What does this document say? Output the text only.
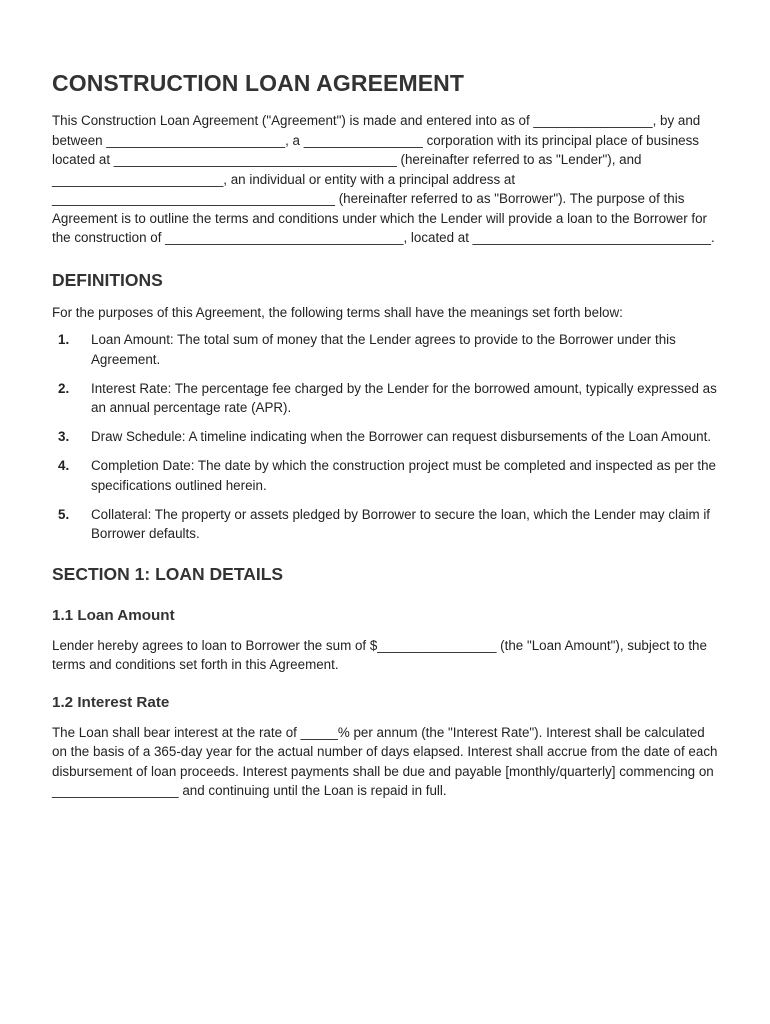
CONSTRUCTION LOAN AGREEMENT

This Construction Loan Agreement ("Agreement") is made and entered into as of ________________, by and between ________________________, a ________________ corporation with its principal place of business located at ______________________________________ (hereinafter referred to as "Lender"), and _______________________, an individual or entity with a principal address at ______________________________________ (hereinafter referred to as "Borrower"). The purpose of this Agreement is to outline the terms and conditions under which the Lender will provide a loan to the Borrower for the construction of ________________________________, located at ________________________________.

DEFINITIONS

For the purposes of this Agreement, the following terms shall have the meanings set forth below:

1.	Loan Amount: The total sum of money that the Lender agrees to provide to the Borrower under this Agreement.
2.	Interest Rate: The percentage fee charged by the Lender for the borrowed amount, typically expressed as an annual percentage rate (APR).
3.	Draw Schedule: A timeline indicating when the Borrower can request disbursements of the Loan Amount.
4.	Completion Date: The date by which the construction project must be completed and inspected as per the specifications outlined herein.
5.	Collateral: The property or assets pledged by Borrower to secure the loan, which the Lender may claim if Borrower defaults.
SECTION 1: LOAN DETAILS
1.1 Loan Amount

Lender hereby agrees to loan to Borrower the sum of $________________ (the "Loan Amount"), subject to the terms and conditions set forth in this Agreement.

1.2 Interest Rate

The Loan shall bear interest at the rate of _____% per annum (the "Interest Rate"). Interest shall be calculated on the basis of a 365-day year for the actual number of days elapsed. Interest shall accrue from the date of each disbursement of loan proceeds. Interest payments shall be due and payable [monthly/quarterly] commencing on _________________ and continuing until the Loan is repaid in full.
